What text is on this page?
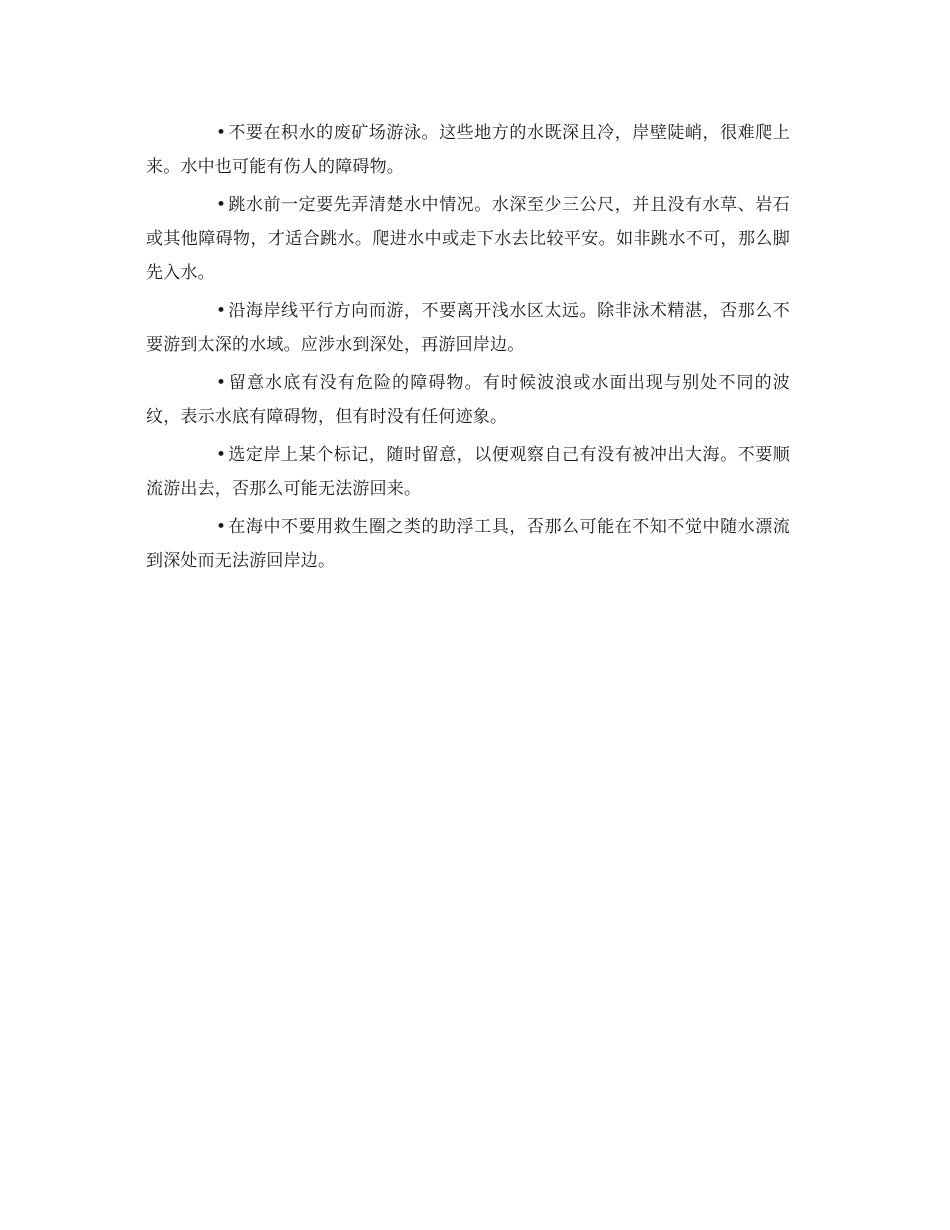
• 不要在积水的废矿场游泳。这些地方的水既深且冷，岸壁陡峭，很难爬上来。水中也可能有伤人的障碍物。

• 跳水前一定要先弄清楚水中情况。水深至少三公尺，并且没有水草、岩石或其他障碍物，才适合跳水。爬进水中或走下水去比较平安。如非跳水不可，那么脚先入水。

• 沿海岸线平行方向而游，不要离开浅水区太远。除非泳术精湛，否那么不要游到太深的水域。应涉水到深处，再游回岸边。

• 留意水底有没有危险的障碍物。有时候波浪或水面出现与别处不同的波纹，表示水底有障碍物，但有时没有任何迹象。

• 选定岸上某个标记，随时留意，以便观察自己有没有被冲出大海。不要顺流游出去，否那么可能无法游回来。

• 在海中不要用救生圈之类的助浮工具，否那么可能在不知不觉中随水漂流到深处而无法游回岸边。
